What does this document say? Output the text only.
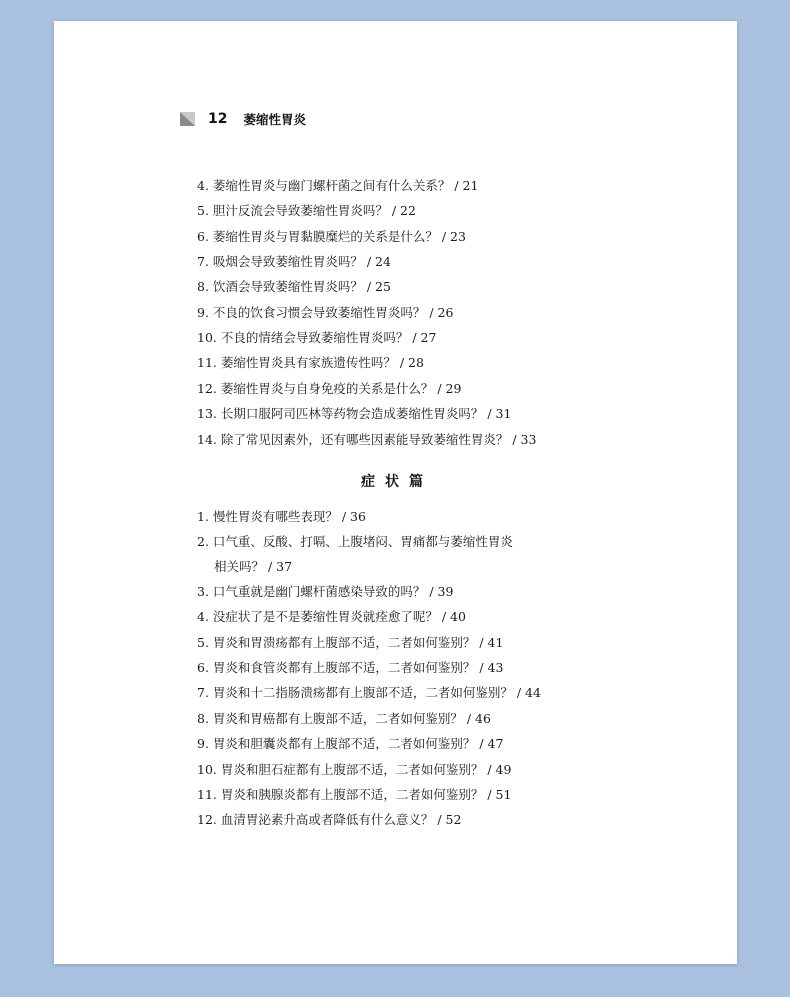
12 萎缩性胃炎
4. 萎缩性胃炎与幽门螺杆菌之间有什么关系？ / 21
5. 胆汁反流会导致萎缩性胃炎吗？ / 22
6. 萎缩性胃炎与胃黏膜糜烂的关系是什么？ / 23
7. 吸烟会导致萎缩性胃炎吗？ / 24
8. 饮酒会导致萎缩性胃炎吗？ / 25
9. 不良的饮食习惯会导致萎缩性胃炎吗？ / 26
10. 不良的情绪会导致萎缩性胃炎吗？ / 27
11. 萎缩性胃炎具有家族遗传性吗？ / 28
12. 萎缩性胃炎与自身免疫的关系是什么？ / 29
13. 长期口服阿司匹林等药物会造成萎缩性胃炎吗？ / 31
14. 除了常见因素外，还有哪些因素能导致萎缩性胃炎？ / 33
症状篇
1. 慢性胃炎有哪些表现？ / 36
2. 口气重、反酸、打嗝、上腹堵闷、胃痛都与萎缩性胃炎
相关吗？ / 37
3. 口气重就是幽门螺杆菌感染导致的吗？ / 39
4. 没症状了是不是萎缩性胃炎就痊愈了呢？ / 40
5. 胃炎和胃溃疡都有上腹部不适，二者如何鉴别？ / 41
6. 胃炎和食管炎都有上腹部不适，二者如何鉴别？ / 43
7. 胃炎和十二指肠溃疡都有上腹部不适，二者如何鉴别？ / 44
8. 胃炎和胃癌都有上腹部不适，二者如何鉴别？ / 46
9. 胃炎和胆囊炎都有上腹部不适，二者如何鉴别？ / 47
10. 胃炎和胆石症都有上腹部不适，二者如何鉴别？ / 49
11. 胃炎和胰腺炎都有上腹部不适，二者如何鉴别？ / 51
12. 血清胃泌素升高或者降低有什么意义？ / 52
